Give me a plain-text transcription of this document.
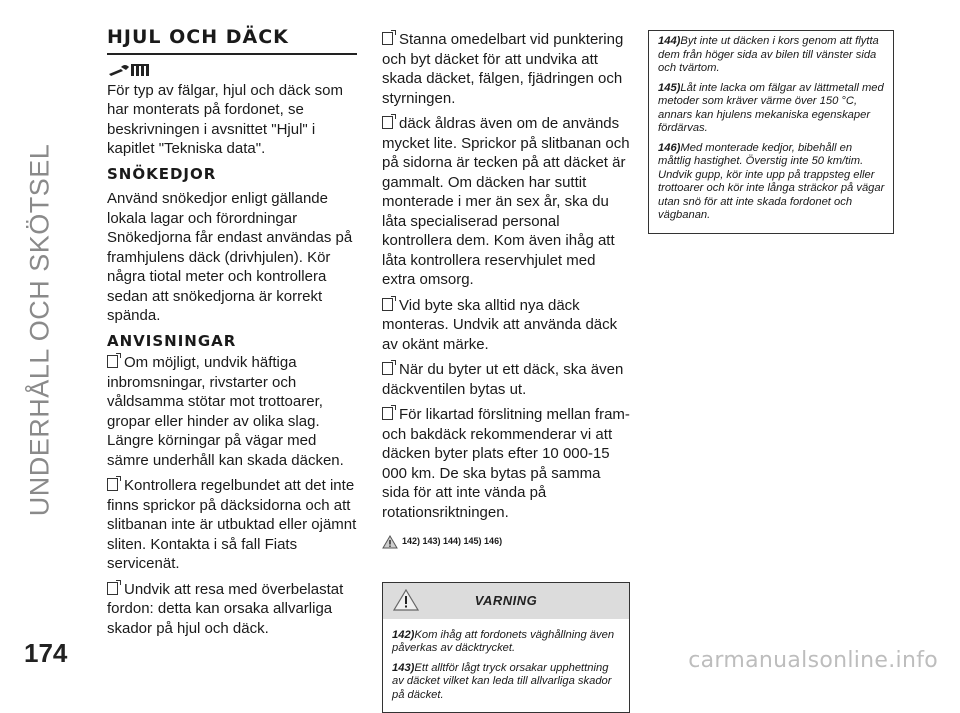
UNDERHÅLL OCH SKÖTSEL
174
HJUL OCH DÄCK

För typ av fälgar, hjul och däck som har monterats på fordonet, se beskrivningen i avsnittet "Hjul" i kapitlet "Tekniska data".

SNÖKEDJOR

Använd snökedjor enligt gällande lokala lagar och förordningar Snökedjorna får endast användas på framhjulens däck (drivhjulen). Kör några tiotal meter och kontrollera sedan att snökedjorna är korrekt spända.

ANVISNINGAR

Om möjligt, undvik häftiga inbromsningar, rivstarter och våldsamma stötar mot trottoarer, gropar eller hinder av olika slag. Längre körningar på vägar med sämre underhåll kan skada däcken.

Kontrollera regelbundet att det inte finns sprickor på däcksidorna och att slitbanan inte är utbuktad eller ojämnt sliten. Kontakta i så fall Fiats servicenät.

Undvik att resa med överbelastat fordon: detta kan orsaka allvarliga skador på hjul och däck.

Stanna omedelbart vid punktering och byt däcket för att undvika att skada däcket, fälgen, fjädringen och styrningen.

däck åldras även om de används mycket lite. Sprickor på slitbanan och på sidorna är tecken på att däcket är gammalt. Om däcken har suttit monterade i mer än sex år, ska du låta specialiserad personal kontrollera dem. Kom även ihåg att låta kontrollera reservhjulet med extra omsorg.

Vid byte ska alltid nya däck monteras. Undvik att använda däck av okänt märke.

När du byter ut ett däck, ska även däckventilen bytas ut.

För likartad förslitning mellan fram- och bakdäck rekommenderar vi att däcken byter plats efter 10 000-15 000 km. De ska bytas på samma sida för att inte vända på rotationsriktningen.

142) 143) 144) 145) 146)
VARNING

142)Kom ihåg att fordonets väghållning även påverkas av däcktrycket.

143)Ett alltför lågt tryck orsakar upphettning av däcket vilket kan leda till allvarliga skador på däcket.

144)Byt inte ut däcken i kors genom att flytta dem från höger sida av bilen till vänster sida och tvärtom.

145)Låt inte lacka om fälgar av lättmetall med metoder som kräver värme över 150 °C, annars kan hjulens mekaniska egenskaper fördärvas.

146)Med monterade kedjor, bibehåll en måttlig hastighet. Överstig inte 50 km/tim. Undvik gupp, kör inte upp på trappsteg eller trottoarer och kör inte långa sträckor på vägar utan snö för att inte skada fordonet och vägbanan.

carmanualsonline.info
